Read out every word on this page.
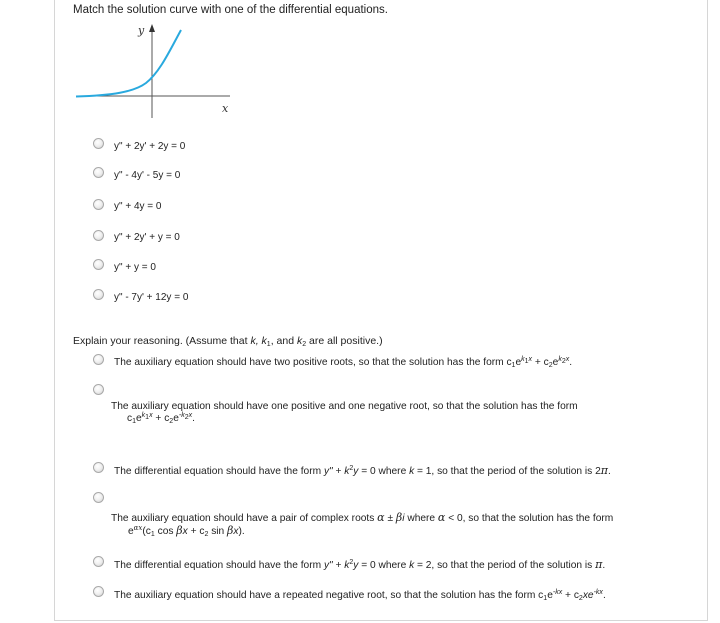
Match the solution curve with one of the differential equations.
y
x
y" + 2y' + 2y = 0
y" - 4y' - 5y = 0
y" + 4y = 0
y" + 2y' + y = 0
y" + y = 0
y" - 7y' + 12y = 0
Explain your reasoning. (Assume that k, $k_1$, and $k_2$ are all positive.)
The auxiliary equation should have two positive roots, so that the solution has the form $c_1e^{k_1x} + c_2e^{k_2x}$.
The auxiliary equation should have one positive and one negative root, so that the solution has the form
$c_1e^{k_1x} + c_2e^{-k_2x}$.
The differential equation should have the form y" + $k^2y = 0$ where k = 1, so that the period of the solution is 2π.
The auxiliary equation should have a pair of complex roots α ± βi where α < 0, so that the solution has the form
$e^{\alpha x}(c_1$ $\cos \beta x + c_2$ sin βx).
The differential equation should have the form y" + $k^2y = 0$ where k = 2, so that the period of the solution is π.
The auxiliary equation should have a repeated negative root, so that the solution has the form $c_1e^{-kx} + c_2xe^{-kx}$.
